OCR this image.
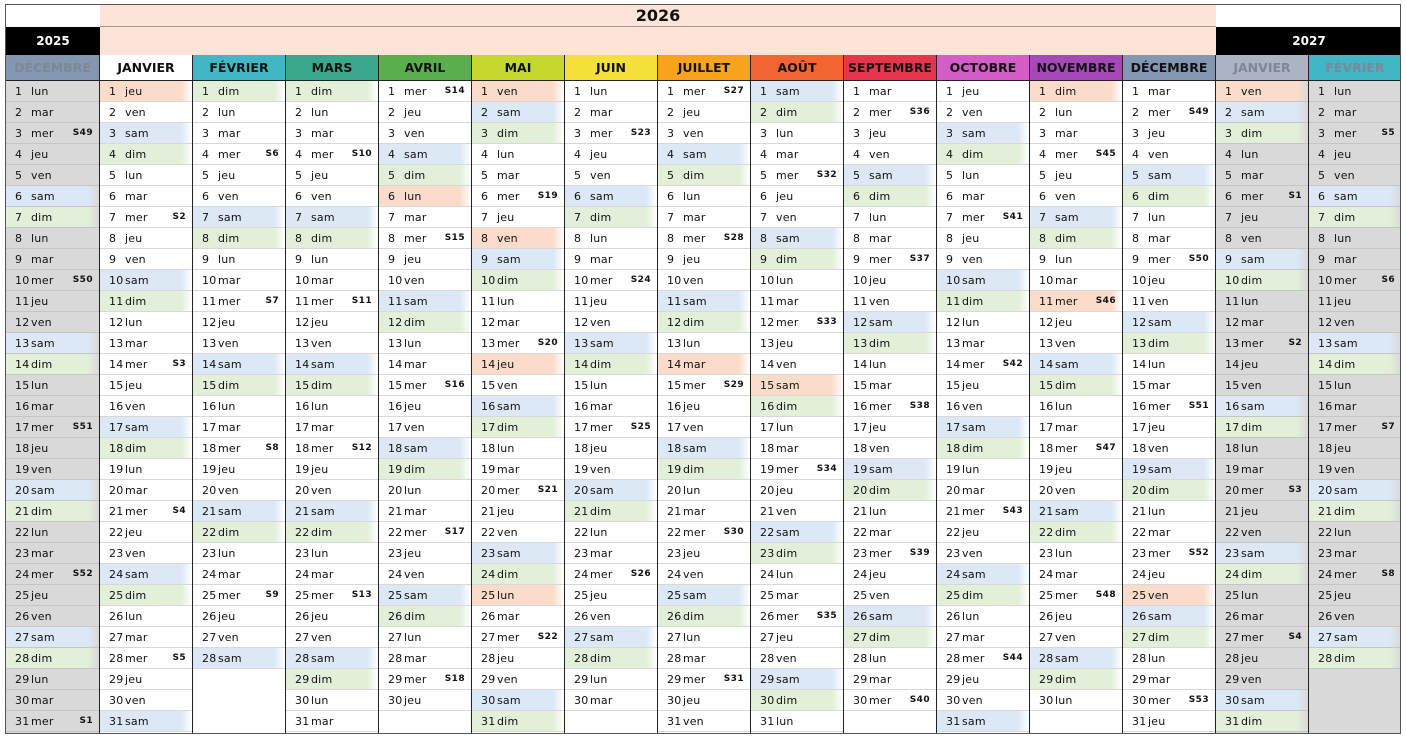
2026
2025	2027
DÉCEMBRE
1 lun
2 mar
3 mer S49
4 jeu
5 ven
6 sam
7 dim
8 lun
9 mar
10 mer S50
11 jeu
12 ven
13 sam
14 dim
15 lun
16 mar
17 mer S51
18 jeu
19 ven
20 sam
21 dim
22 lun
23 mar
24 mer S52
25 jeu
26 ven
27 sam
28 dim
29 lun
30 mar
31 mer	S1
JANVIER
1 jeu
2 ven
3 sam
4 dim
5 lun
6 mar
7 mer	S2
8 jeu
9 ven
10 sam
11 dim
12 lun
13 mar
14 mer	S3
15 jeu
16 ven
17 sam
18 dim
19 lun
20 mar
21 mer	S4
22 jeu
23 ven
24 sam
25 dim
26 lun
27 mar
28 mer	S5
29 jeu
30 ven
31 sam
FÉVRIER
1 dim
2 lun
3 mar
4 mer	S6
5 jeu
6 ven
7 sam
8 dim
9 lun
10 mar
11 mer	S7
12 jeu
13 ven
14 sam
15 dim
16 lun
17 mar
18 mer	S8
19 jeu
20 ven
21 sam
22 dim
23 lun
24 mar
25 mer	S9
26 jeu
27 ven
28 sam
MARS
1 dim
2 lun
3 mar
4 mer S10
5 jeu
6 ven
7 sam
8 dim
9 lun
10 mar
11 mer S11
12 jeu
13 ven
14 sam
15 dim
16 lun
17 mar
18 mer S12
19 jeu
20 ven
21 sam
22 dim
23 lun
24 mar
25 mer S13
26 jeu
27 ven
28 sam
29 dim
30 lun
31 mar
AVRIL
1 mer S14
2 jeu
3 ven
4 sam
5 dim
6 lun
7 mar
8 mer S15
9 jeu
10 ven
11 sam
12 dim
13 lun
14 mar
15 mer S16
16 jeu
17 ven
18 sam
19 dim
20 lun
21 mar
22 mer S17
23 jeu
24 ven
25 sam
26 dim
27 lun
28 mar
29 mer S18
30 jeu
MAI
1 ven
2 sam
3 dim
4 lun
5 mar
6 mer S19
7 jeu
8 ven
9 sam
10 dim
11 lun
12 mar
13 mer S20
14 jeu
15 ven
16 sam
17 dim
18 lun
19 mar
20 mer S21
21 jeu
22 ven
23 sam
24 dim
25 lun
26 mar
27 mer S22
28 jeu
29 ven
30 sam
31 dim
JUIN
1 lun
2 mar
3 mer S23
4 jeu
5 ven
6 sam
7 dim
8 lun
9 mar
10 mer S24
11 jeu
12 ven
13 sam
14 dim
15 lun
16 mar
17 mer S25
18 jeu
19 ven
20 sam
21 dim
22 lun
23 mar
24 mer S26
25 jeu
26 ven
27 sam
28 dim
29 lun
30 mar
JUILLET
1 mer S27
2 jeu
3 ven
4 sam
5 dim
6 lun
7 mar
8 mer S28
9 jeu
10 ven
11 sam
12 dim
13 lun
14 mar
15 mer S29
16 jeu
17 ven
18 sam
19 dim
20 lun
21 mar
22 mer S30
23 jeu
24 ven
25 sam
26 dim
27 lun
28 mar
29 mer S31
30 jeu
31 ven
AOÛT
1 sam
2 dim
3 lun
4 mar
5 mer S32
6 jeu
7 ven
8 sam
9 dim
10 lun
11 mar
12 mer S33
13 jeu
14 ven
15 sam
16 dim
17 lun
18 mar
19 mer S34
20 jeu
21 ven
22 sam
23 dim
24 lun
25 mar
26 mer S35
27 jeu
28 ven
29 sam
30 dim
31 lun
SEPTEMBRE
1 mar
2 mer S36
3 jeu
4 ven
5 sam
6 dim
7 lun
8 mar
9 mer S37
10 jeu
11 ven
12 sam
13 dim
14 lun
15 mar
16 mer S38
17 jeu
18 ven
19 sam
20 dim
21 lun
22 mar
23 mer S39
24 jeu
25 ven
26 sam
27 dim
28 lun
29 mar
30 mer S40
OCTOBRE
1 jeu
2 ven
3 sam
4 dim
5 lun
6 mar
7 mer S41
8 jeu
9 ven
10 sam
11 dim
12 lun
13 mar
14 mer S42
15 jeu
16 ven
17 sam
18 dim
19 lun
20 mar
21 mer S43
22 jeu
23 ven
24 sam
25 dim
26 lun
27 mar
28 mer S44
29 jeu
30 ven
31 sam
NOVEMBRE
1 dim
2 lun
3 mar
4 mer S45
5 jeu
6 ven
7 sam
8 dim
9 lun
10 mar
11 mer S46
12 jeu
13 ven
14 sam
15 dim
16 lun
17 mar
18 mer S47
19 jeu
20 ven
21 sam
22 dim
23 lun
24 mar
25 mer S48
26 jeu
27 ven
28 sam
29 dim
30 lun
DÉCEMBRE
1 mar
2 mer S49
3 jeu
4 ven
5 sam
6 dim
7 lun
8 mar
9 mer S50
10 jeu
11 ven
12 sam
13 dim
14 lun
15 mar
16 mer S51
17 jeu
18 ven
19 sam
20 dim
21 lun
22 mar
23 mer S52
24 jeu
25 ven
26 sam
27 dim
28 lun
29 mar
30 mer S53
31 jeu
JANVIER
1 ven
2 sam
3 dim
4 lun
5 mar
6 mer	S1
7 jeu
8 ven
9 sam
10 dim
11 lun
12 mar
13 mer	S2
14 jeu
15 ven
16 sam
17 dim
18 lun
19 mar
20 mer	S3
21 jeu
22 ven
23 sam
24 dim
25 lun
26 mar
27 mer	S4
28 jeu
29 ven
30 sam
31 dim
FÉVRIER
1 lun
2 mar
3 mer	S5
4 jeu
5 ven
6 sam
7 dim
8 lun
9 mar
10 mer	S6
11 jeu
12 ven
13 sam
14 dim
15 lun
16 mar
17 mer	S7
18 jeu
19 ven
20 sam
21 dim
22 lun
23 mar
24 mer	S8
25 jeu
26 ven
27 sam
28 dim
